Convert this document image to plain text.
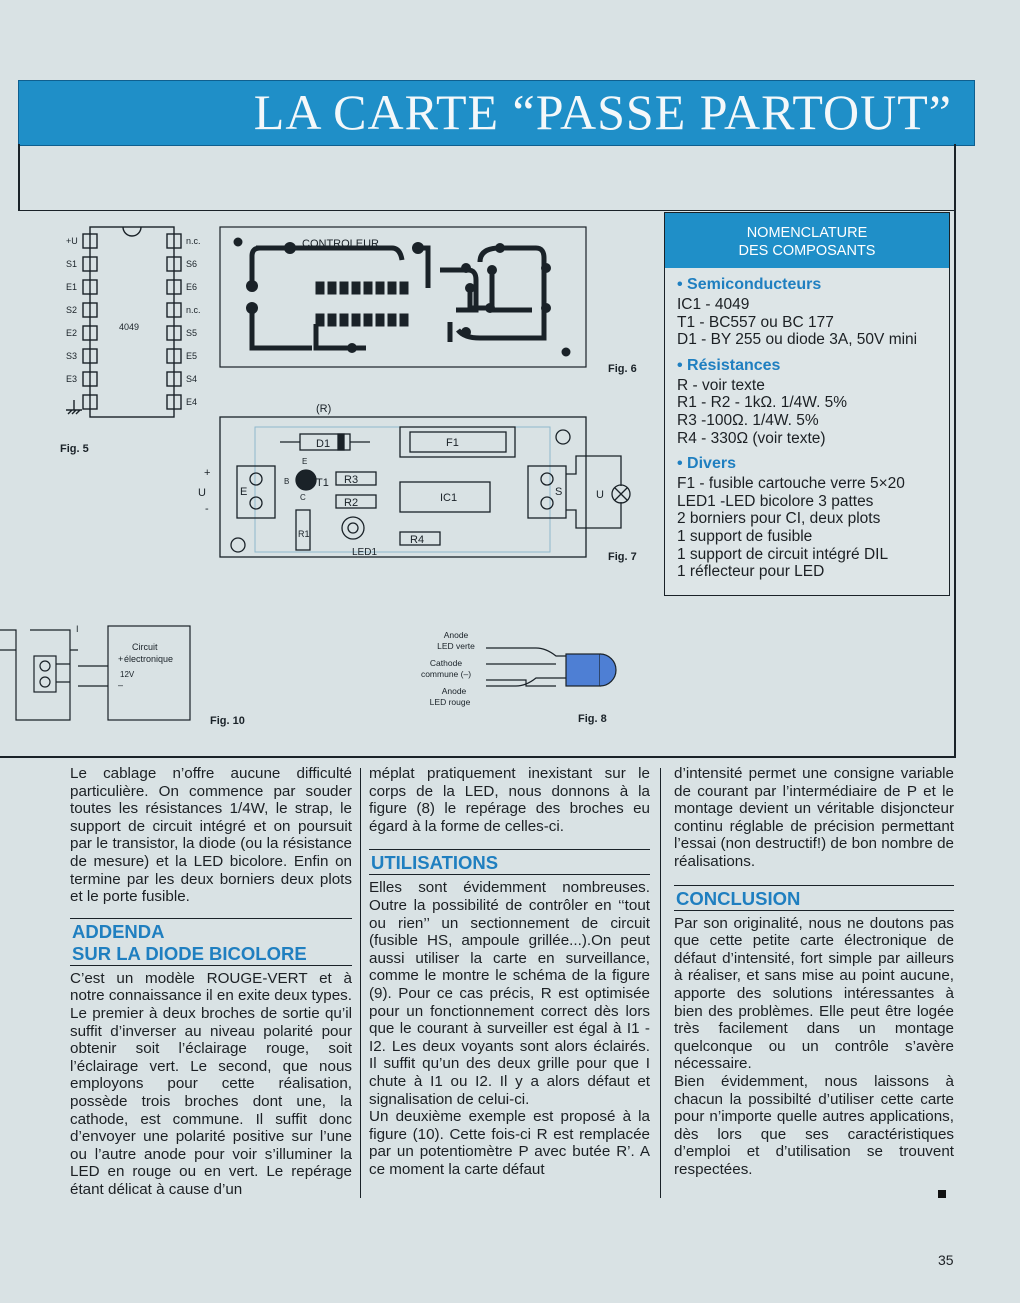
LA CARTE “PASSE PARTOUT”
4049
+U	n.c.
S1	S6
E1	E6
S2	n.c.
E2	S5
S3	E5
E3	S4
E4
Fig. 5
CONTROLEUR
Fig. 6
(R)
D1	F1
T1
B
E
C
R3
R2	IC1
R1
LED1
R4
E	S
U
+
-
U
Fig. 7
Circuit
électronique
12V
+
–
I
Fig. 10
Anode
LED verte
Cathode
commune (–)
Anode
LED rouge
Fig. 8
NOMENCLATURE
DES COMPOSANTS
• Semiconducteurs
IC1 - 4049
T1 - BC557 ou BC 177
D1 - BY 255 ou diode 3A, 50V mini
• Résistances
R - voir texte
R1 - R2 - 1kΩ. 1/4W. 5%
R3 -100Ω. 1/4W. 5%
R4 - 330Ω (voir texte)
• Divers
F1 - fusible cartouche verre 5×20
LED1 -LED bicolore 3 pattes
2 borniers pour CI, deux plots
1 support de fusible
1 support de circuit intégré DIL
1 réflecteur pour LED

Le cablage n’offre aucune difficulté particulière. On commence par souder toutes les résistances 1/4W, le strap, le support de circuit intégré et on poursuit par le transistor, la diode (ou la résistance de mesure) et la LED bicolore. Enfin on termine par les deux borniers deux plots et le porte fusible.

ADDENDA
SUR LA DIODE BICOLORE

C’est un modèle ROUGE-VERT et à notre connaissance il en exite deux types. Le premier à deux broches de sortie qu’il suffit d’inverser au niveau polarité pour obtenir soit l’éclairage rouge, soit l’éclairage vert. Le second, que nous employons pour cette réalisation, possède trois broches dont une, la cathode, est commune. Il suffit donc d’envoyer une polarité positive sur l’une ou l’autre anode pour voir s’illuminer la LED en rouge ou en vert. Le repérage étant délicat à cause d’un

méplat pratiquement inexistant sur le corps de la LED, nous donnons à la figure (8) le repérage des broches eu égard à la forme de celles-ci.

UTILISATIONS

Elles sont évidemment nombreuses. Outre la possibilité de contrôler en ‘‘tout ou rien’’ un sectionnement de circuit (fusible HS, ampoule grillée...).On peut aussi utiliser la carte en surveillance, comme le montre le schéma de la figure (9). Pour ce cas précis, R est optimisée pour un fonctionnement correct dès lors que le courant à surveiller est égal à I1 - I2. Les deux voyants sont alors éclairés. Il suffit qu’un des deux grille pour que I chute à I1 ou I2. Il y a alors défaut et signalisation de celui-ci.

Un deuxième exemple est proposé à la figure (10). Cette fois-ci R est remplacée par un potentiomètre P avec butée R’. A ce moment la carte défaut

d’intensité permet une consigne variable de courant par l’intermédiaire de P et le montage devient un véritable disjoncteur continu réglable de précision permettant l’essai (non destructif!) de bon nombre de réalisations.

CONCLUSION

Par son originalité, nous ne doutons pas que cette petite carte électronique de défaut d’intensité, fort simple par ailleurs à réaliser, et sans mise au point aucune, apporte des solutions intéressantes à bien des problèmes. Elle peut être logée très facilement dans un montage quelconque ou un contrôle s’avère nécessaire.

Bien évidemment, nous laissons à chacun la possibilté d’utiliser cette carte pour n’importe quelle autres applications, dès lors que ses caractéristiques d’emploi et d’utilisation se trouvent respectées.

35
